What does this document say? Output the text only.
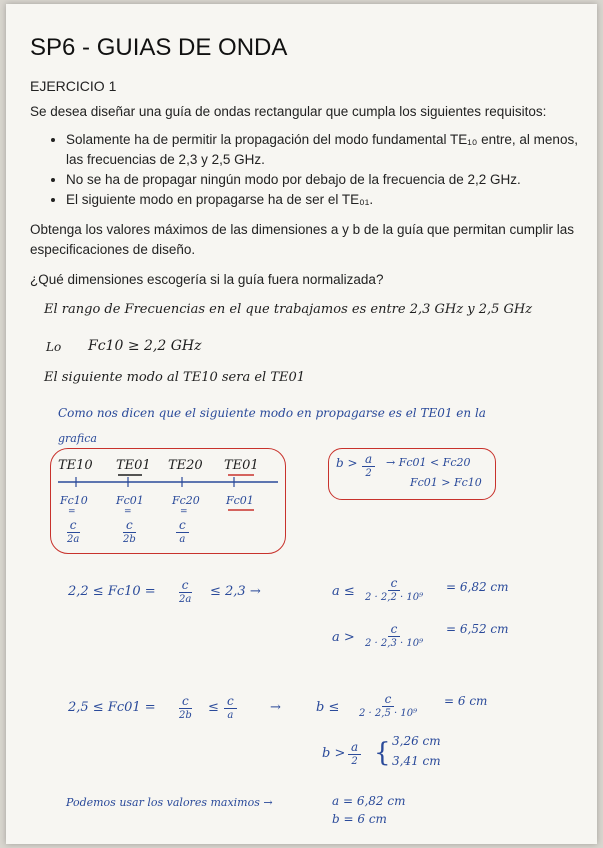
SP6 - GUIAS DE ONDA
EJERCICIO 1
Se desea diseñar una guía de ondas rectangular que cumpla los siguientes requisitos:
• Solamente ha de permitir la propagación del modo fundamental TE₁₀ entre, al menos, las frecuencias de 2,3 y 2,5 GHz.
• No se ha de propagar ningún modo por debajo de la frecuencia de 2,2 GHz.
• El siguiente modo en propagarse ha de ser el TE₀₁.
Obtenga los valores máximos de las dimensiones a y b de la guía que permitan cumplir las especificaciones de diseño.
¿Qué dimensiones escogería si la guía fuera normalizada?
El rango de Frecuencias en el que trabajamos es entre 2,3 GHz y 2,5 GHz
Lo Fc10 ≥ 2,2 GHz
El siguiente modo al TE10 sera el TE01
Como nos dicen que el siguiente modo en propagarse es el TE01 en la
grafica
TE10 TE01 TE20 TE01
Fc10	Fc01	Fc20 Fc01
=	=	=
$\frac{c}{2a}$	$\frac{c}{2b}$	$\frac{c}{a}$
$b > \frac{a}{2} \to Fc01 < Fc20$
Fc01 > Fc10
$2,2 \le Fc10 = \frac{c}{2a} \le 2,3$ →	$a \le \frac{c}{\text{2 · 2,2 · 10⁹}} = 6,82$ cm
$a > \frac{c}{\text{2 · 2,3 · 10⁹}} = 6,52$ cm
$2,5 \le Fc01 = \frac{c}{2b} \le \frac{c}{a}$	→	$b \le \frac{c}{\text{2 · 2,5 · 10⁹}} = 6$ cm
$b > \frac{a}{2}$ { 3,26 cm
3,41 cm
Podemos usar los valores maximos →	a = 6,82 cm
b = 6 cm
